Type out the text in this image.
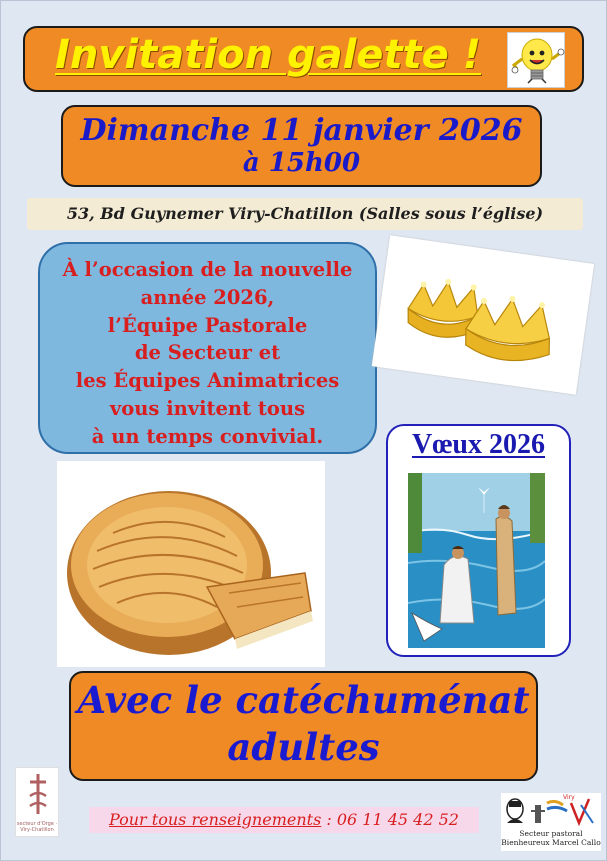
Invitation galette !
Dimanche 11 janvier 2026
à 15h00
53, Bd Guynemer Viry-Chatillon (Salles sous l’église)
À l’occasion de la nouvelle
année 2026,
l’Équipe Pastorale
de Secteur et
les Équipes Animatrices
vous invitent tous
à un temps convivial.	Vœux 2026
Avec le catéchuménat
adultes
secteur d'Orge · Viry-Chatillon
Pour tous renseignements : 06 11 45 42 52
Viry
Secteur pastoral
Bienheureux Marcel Callo
